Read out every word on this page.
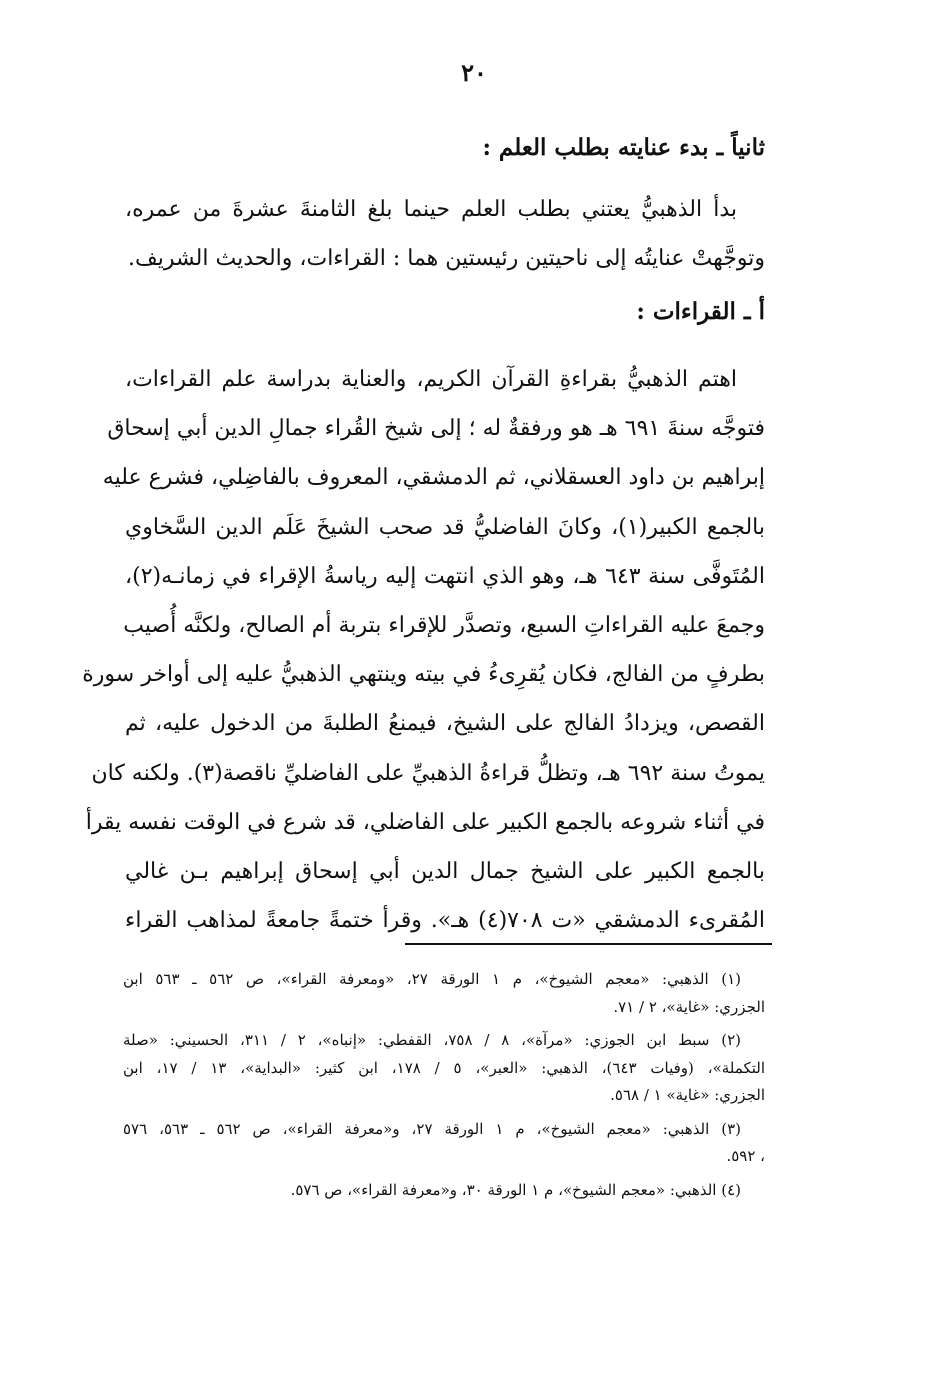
٢٠
ثانياً ـ بدء عنايته بطلب العلم :
بدأ الذهبيُّ يعتني بطلب العلم حينما بلغ الثامنةَ عشرةَ من عمره،
وتوجَّهتْ عنايتُه إلى ناحيتين رئيستين هما : القراءات، والحديث الشريف.
أ ـ القراءات :
اهتم الذهبيُّ بقراءةِ القرآن الكريم، والعناية بدراسة علم القراءات،
فتوجَّه سنةَ ٦٩١ هـ هو ورفقةٌ له ؛ إلى شيخ القُراء جمالِ الدين أبي إسحاق
إبراهيم بن داود العسقلاني، ثم الدمشقي، المعروف بالفاضِلي، فشرع عليه
بالجمع الكبير(١)، وكانَ الفاضليُّ قد صحب الشيخَ عَلَم الدين السَّخاوي
المُتَوفَّى سنة ٦٤٣ هـ، وهو الذي انتهت إليه رياسةُ الإقراء في زمانـه(٢)،
وجمعَ عليه القراءاتِ السبع، وتصدَّر للإقراء بتربة أم الصالح، ولكنَّه أُصيب
بطرفٍ من الفالج، فكان يُقرِىءُ في بيته وينتهي الذهبيُّ عليه إلى أواخر سورة
القصص، ويزدادُ الفالج على الشيخ، فيمنعُ الطلبةَ من الدخول عليه، ثم
يموتُ سنة ٦٩٢ هـ، وتظلُّ قراءةُ الذهبيِّ على الفاضليِّ ناقصة(٣). ولكنه كان
في أثناء شروعه بالجمع الكبير على الفاضلي، قد شرع في الوقت نفسه يقرأ
بالجمع الكبير على الشيخ جمال الدين أبي إسحاق إبراهيم بـن غالي
المُقرىء الدمشقي «ت ٧٠٨(٤) هـ». وقرأ ختمةً جامعةً لمذاهب القراء
(١) الذهبي: «معجم الشيوخ»، م ١ الورقة ٢٧، «ومعرفة القراء»، ص ٥٦٢ ـ ٥٦٣ ابن
الجزري: «غاية»، ٢ / ٧١.
(٢) سبط ابن الجوزي: «مرآة»، ٨ / ٧٥٨، القفطي: «إنباه»، ٢ / ٣١١، الحسيني: «صلة
التكملة»، (وفيات ٦٤٣)، الذهبي: «العبر»، ٥ / ١٧٨، ابن كثير: «البداية»، ١٣ / ١٧، ابن
الجزري: «غاية» ١ / ٥٦٨.
(٣) الذهبي: «معجم الشيوخ»، م ١ الورقة ٢٧، و«معرفة القراء»، ص ٥٦٢ ـ ٥٦٣، ٥٧٦
، ٥٩٢.
(٤) الذهبي: «معجم الشيوخ»، م ١ الورقة ٣٠، و«معرفة القراء»، ص ٥٧٦.
